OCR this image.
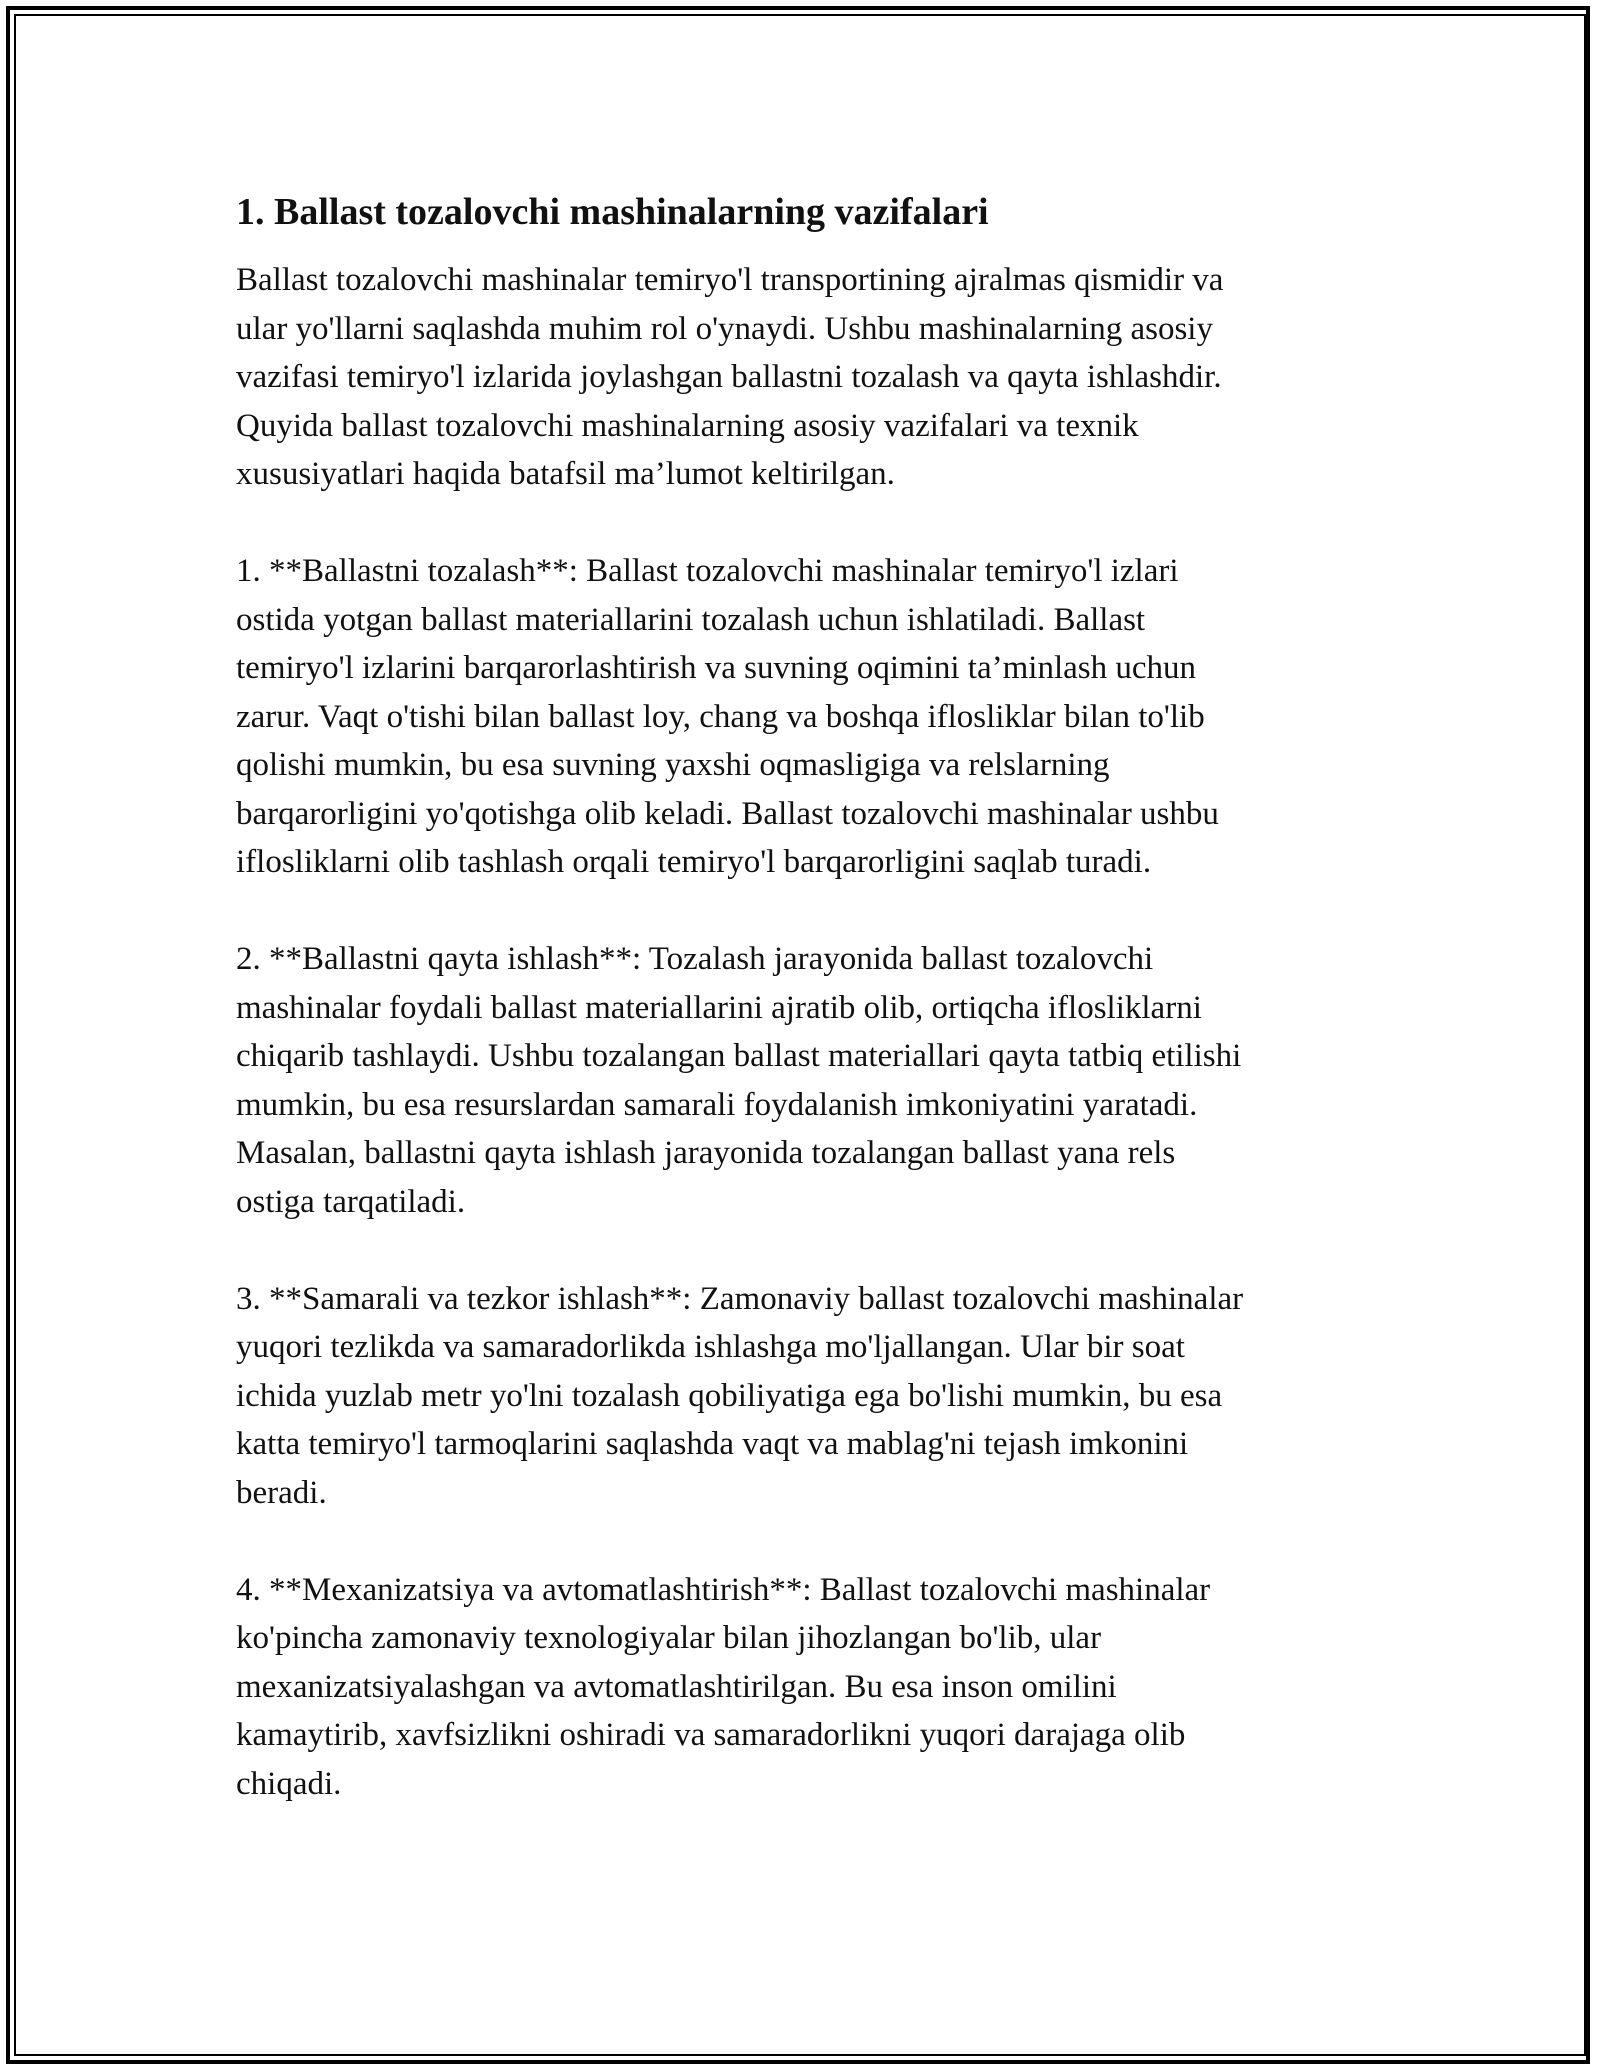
1. Ballast tozalovchi mashinalarning vazifalari

Ballast tozalovchi mashinalar temiryo'l transportining ajralmas qismidir va
ular yo'llarni saqlashda muhim rol o'ynaydi. Ushbu mashinalarning asosiy
vazifasi temiryo'l izlarida joylashgan ballastni tozalash va qayta ishlashdir.
Quyida ballast tozalovchi mashinalarning asosiy vazifalari va texnik
xususiyatlari haqida batafsil ma’lumot keltirilgan.

1. **Ballastni tozalash**: Ballast tozalovchi mashinalar temiryo'l izlari
ostida yotgan ballast materiallarini tozalash uchun ishlatiladi. Ballast
temiryo'l izlarini barqarorlashtirish va suvning oqimini ta’minlash uchun
zarur. Vaqt o'tishi bilan ballast loy, chang va boshqa ifloslikl​ar bilan to'lib
qolishi mumkin, bu esa suvning yaxshi oqmasligiga va relslarning
barqarorligini yo'qotishga olib keladi. Ballast tozalovchi mashinalar ushbu
iflosliklarni olib tashlash orqali temiryo'l barqarorligini saqlab turadi.

2. **Ballastni qayta ishlash**: Tozalash jarayonida ballast tozalovchi
mashinalar foydali ballast materiallarini ajratib olib, ortiqcha iflosliklarni
chiqarib tashlaydi. Ushbu tozalangan ballast materiallari qayta tatbiq etilishi
mumkin, bu esa resurslardan samarali foydalanish imkoniyatini yaratadi.
Masalan, ballastni qayta ishlash jarayonida tozalangan ballast yana rels
ostiga tarqatiladi.

3. **Samarali va tezkor ishlash**: Zamonaviy ballast tozalovchi mashinalar
yuqori tezlikda va samaradorlikda ishlashga mo'ljallangan. Ular bir soat
ichida yuzlab metr yo'lni tozalash qobiliyatiga ega bo'lishi mumkin, bu esa
katta temiryo'l tarmoqlarini saqlashda vaqt va mablag'ni tejash imkonini
beradi.

4. **Mexanizatsiya va avtomatlashtirish**: Ballast tozalovchi mashinalar
ko'pincha zamonaviy texnologiyalar bilan jihozlangan bo'lib, ular
mexanizatsiyalashgan va avtomatlashtirilgan. Bu esa inson omilini
kamaytirib, xavfsizlikni oshiradi va samaradorlikni yuqori darajaga olib
chiqadi.
